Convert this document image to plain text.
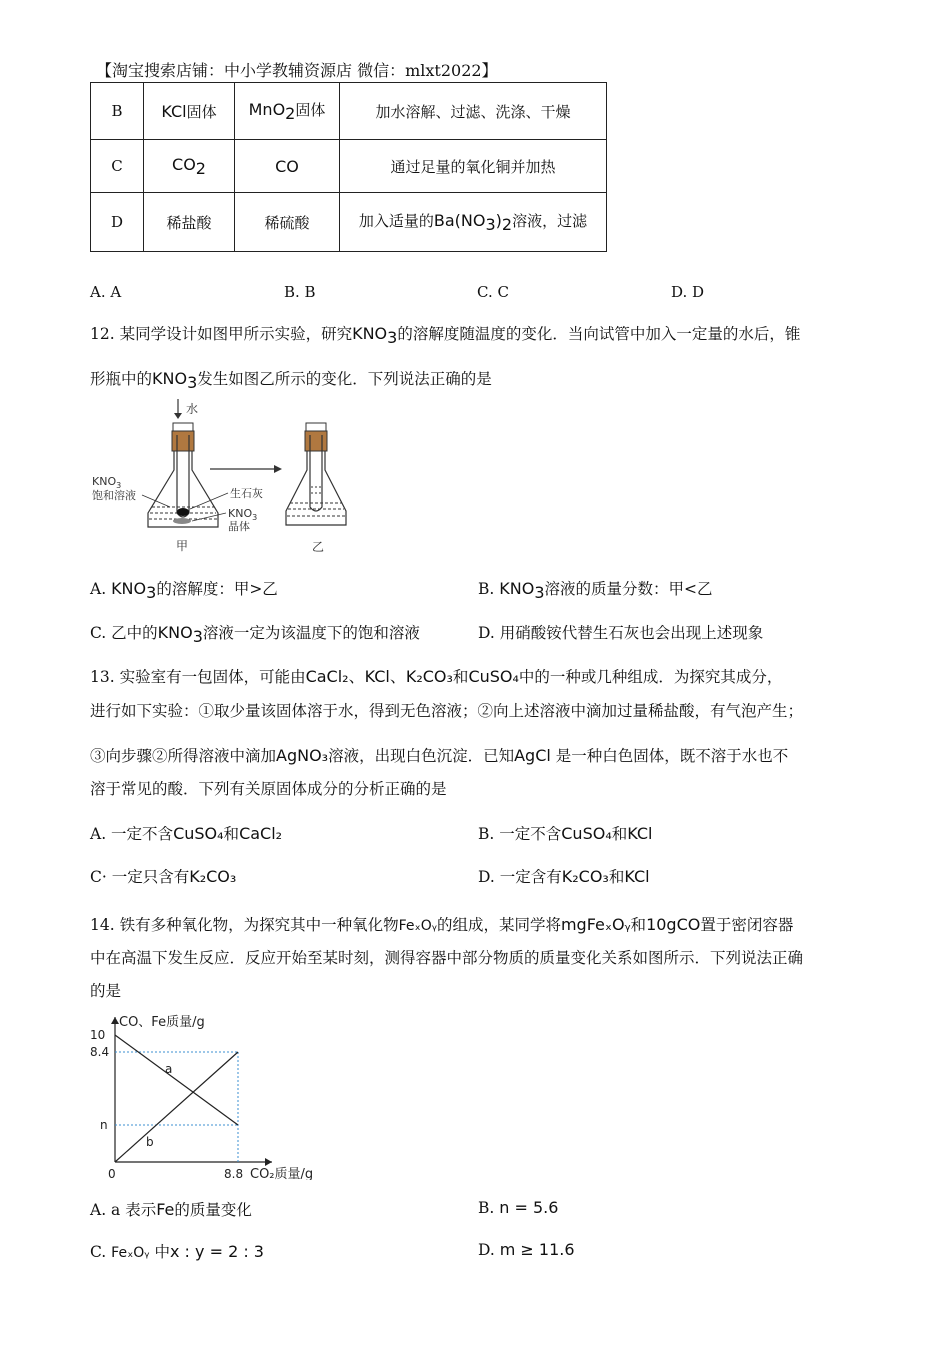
【淘宝搜索店铺：中小学教辅资源店 微信：mlxt2022】
B	KCl固体	MnO$_2$固体	加水溶解、过滤、洗涤、干燥
C	$CO_2$	CO	通过足量的氧化铜并加热
D	稀盐酸	稀硫酸	加入适量的$Ba(NO_3)_2$溶液，过滤
A. A	B. B	C. C	D. D
12. 某同学设计如图甲所示实验，研究$KNO_3$的溶解度随温度的变化．当向试管中加入一定量的水后，锥
形瓶中的$KNO_3$发生如图乙所示的变化．下列说法正确的是
水
$KNO_3$
饱和溶液	生石灰
$KNO_3$
晶体
甲	乙
A. $KNO_3$的溶解度：甲>乙	B. $KNO_3$溶液的质量分数：甲<乙
C. 乙中的$KNO_3$溶液一定为该温度下的饱和溶液	D. 用硝酸铵代替生石灰也会出现上述现象
13. 实验室有一包固体，可能由CaCl₂、KCl、K₂CO₃和CuSO₄中的一种或几种组成．为探究其成分，
进行如下实验：①取少量该固体溶于水，得到无色溶液；②向上述溶液中滴加过量稀盐酸，有气泡产生；
③向步骤②所得溶液中滴加AgNO₃溶液，出现白色沉淀．已知AgCl 是一种白色固体，既不溶于水也不
溶于常见的酸．下列有关原固体成分的分析正确的是
A. 一定不含CuSO₄和CaCl₂	B. 一定不含CuSO₄和KCl
C· 一定只含有K₂CO₃	D. 一定含有K₂CO₃和KCl
14. 铁有多种氧化物，为探究其中一种氧化物FeₓOᵧ的组成，某同学将mgFeₓOᵧ和10gCO置于密闭容器
中在高温下发生反应．反应开始至某时刻，测得容器中部分物质的质量变化关系如图所示．下列说法正确
的是
CO、Fe质量/g
CO₂质量/g
10
8.4
n
0	8.8
a
b
A. a 表示Fe的质量变化	B. n = 5.6
C. FeₓOᵧ 中x : y = 2 : 3	D. m ≥ 11.6
